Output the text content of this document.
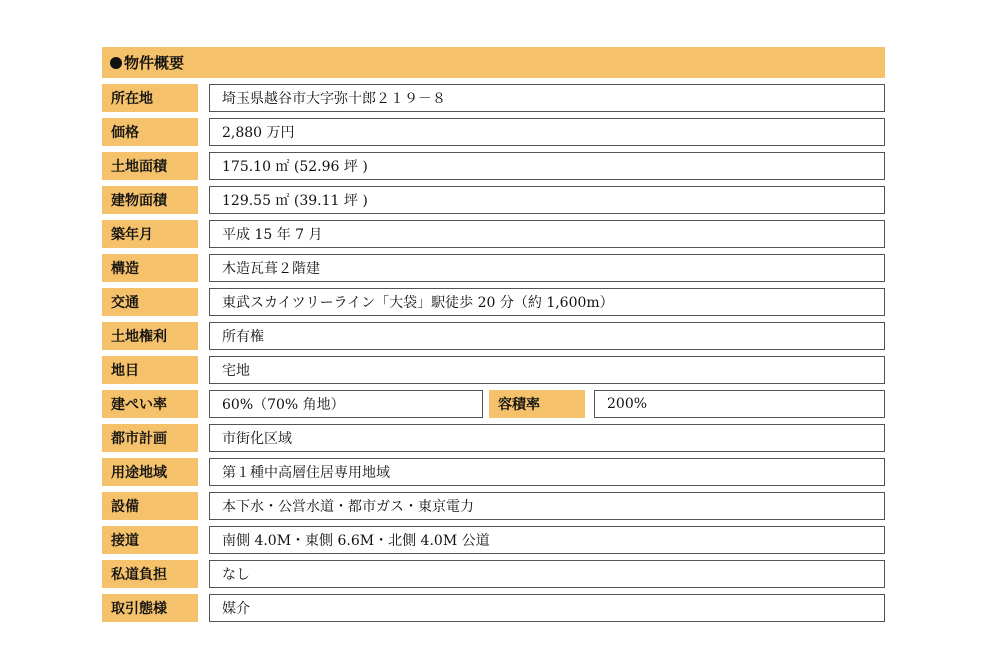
物件概要
所在地	埼玉県越谷市大字弥十郎２１９－８
価格	2,880 万円
土地面積	175.10 ㎡ (52.96 坪 )
建物面積	129.55 ㎡ (39.11 坪 )
築年月	平成 15 年 7 月
構造	木造瓦葺２階建
交通	東武スカイツリーライン「大袋」駅徒歩 20 分（約 1,600m）
土地権利	所有権
地目	宅地
建ぺい率	60%（70% 角地）	容積率	200%
都市計画	市街化区域
用途地域	第１種中高層住居専用地域
設備	本下水・公営水道・都市ガス・東京電力
接道	南側 4.0M・東側 6.6M・北側 4.0M 公道
私道負担	なし
取引態様	媒介
